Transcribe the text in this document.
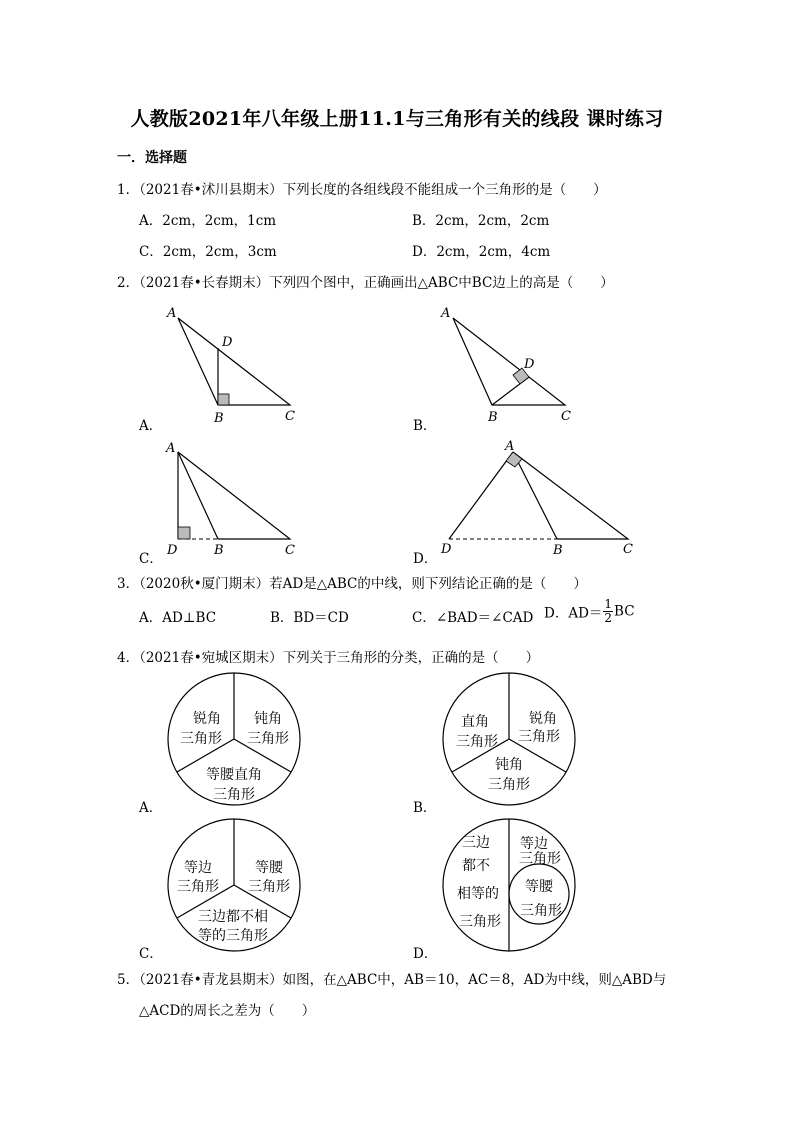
人教版2021年八年级上册11.1与三角形有关的线段 课时练习
一．选择题
1．（2021春•沭川县期末）下列长度的各组线段不能组成一个三角形的是（　　）
A．2cm，2cm，1cm	B．2cm，2cm，2cm
C．2cm，2cm，3cm	D．2cm，2cm，4cm
2．（2021春•长春期末）下列四个图中，正确画出△ABC中BC边上的高是（　　）
A
D
B	C
A．
A
D
B	C
B．
A
D	B	C
C．
A
D	B	C
D．
3．（2020秋•厦门期末）若AD是△ABC的中线，则下列结论正确的是（　　）
A．AD⊥BC	B．BD＝CD	C．∠BAD＝∠CAD D．$AD= \frac{1}{2}$ BC
4．（2021春•宛城区期末）下列关于三角形的分类，正确的是（　　）
锐角
三角形
钝角
三角形
等腰直角
三角形
A．
直角
三角形
锐角
三角形
钝角
三角形
B．
等边
三角形
等腰
三角形
三边都不相
等的三角形
C．
三边
都不
相等的
三角形
等边
三角形
等腰
三角形
D．
5．（2021春•青龙县期末）如图，在△ABC中，AB＝10，AC＝8，AD为中线，则△ABD与
△ACD的周长之差为（　　）
